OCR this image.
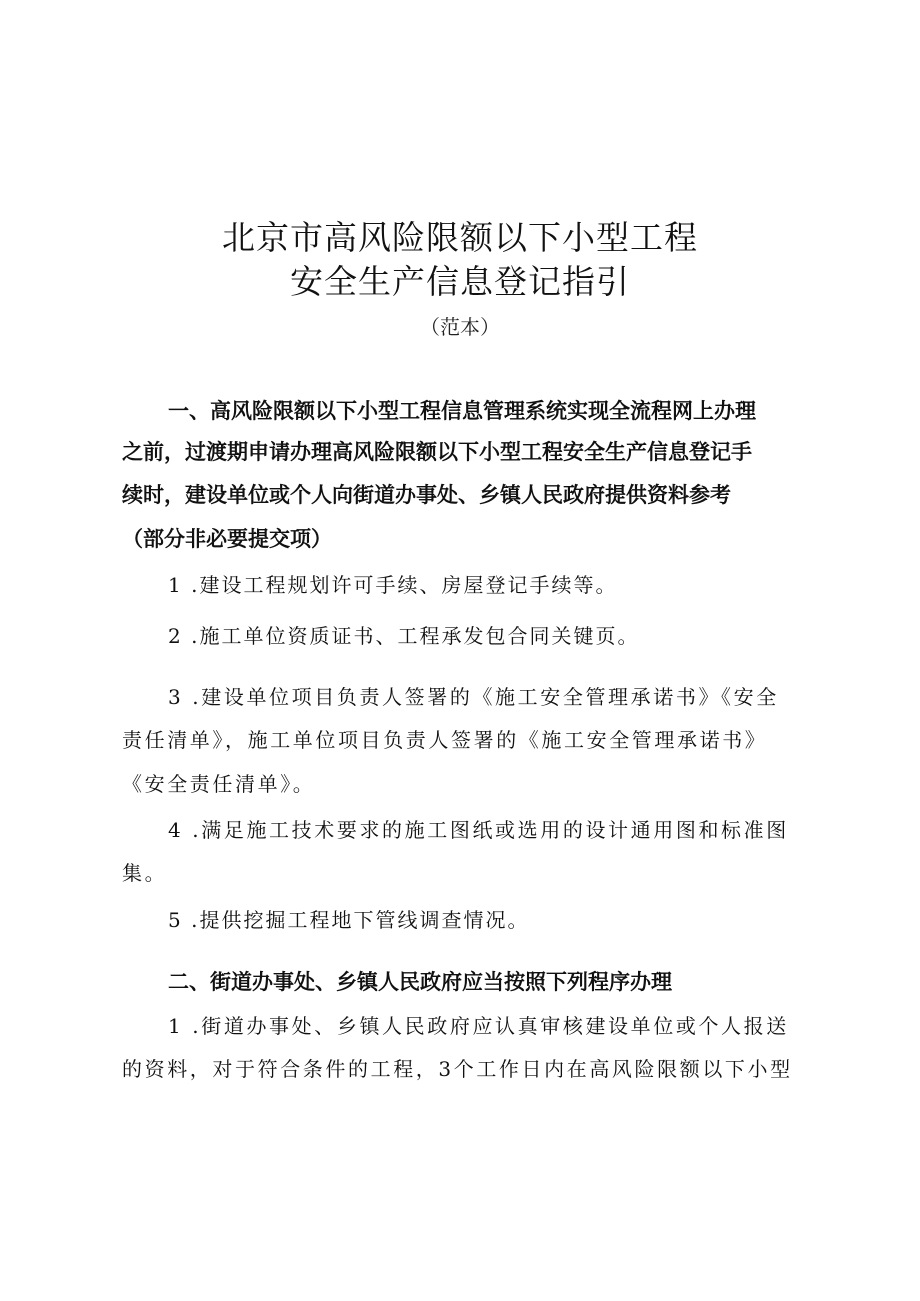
北京市高风险限额以下小型工程
安全生产信息登记指引
（范本）
一、高风险限额以下小型工程信息管理系统实现全流程网上办理
之前，过渡期申请办理高风险限额以下小型工程安全生产信息登记手
续时，建设单位或个人向街道办事处、乡镇人民政府提供资料参考
（部分非必要提交项）
1 .建设工程规划许可手续、房屋登记手续等。
2 .施工单位资质证书、工程承发包合同关键页。
3 .建设单位项目负责人签署的《施工安全管理承诺书》《安全
责任清单》，施工单位项目负责人签署的《施工安全管理承诺书》
《安全责任清单》。
4 .满足施工技术要求的施工图纸或选用的设计通用图和标准图
集。
5 .提供挖掘工程地下管线调查情况。
二、街道办事处、乡镇人民政府应当按照下列程序办理
1 .街道办事处、乡镇人民政府应认真审核建设单位或个人报送
的资料，对于符合条件的工程，3个工作日内在高风险限额以下小型
